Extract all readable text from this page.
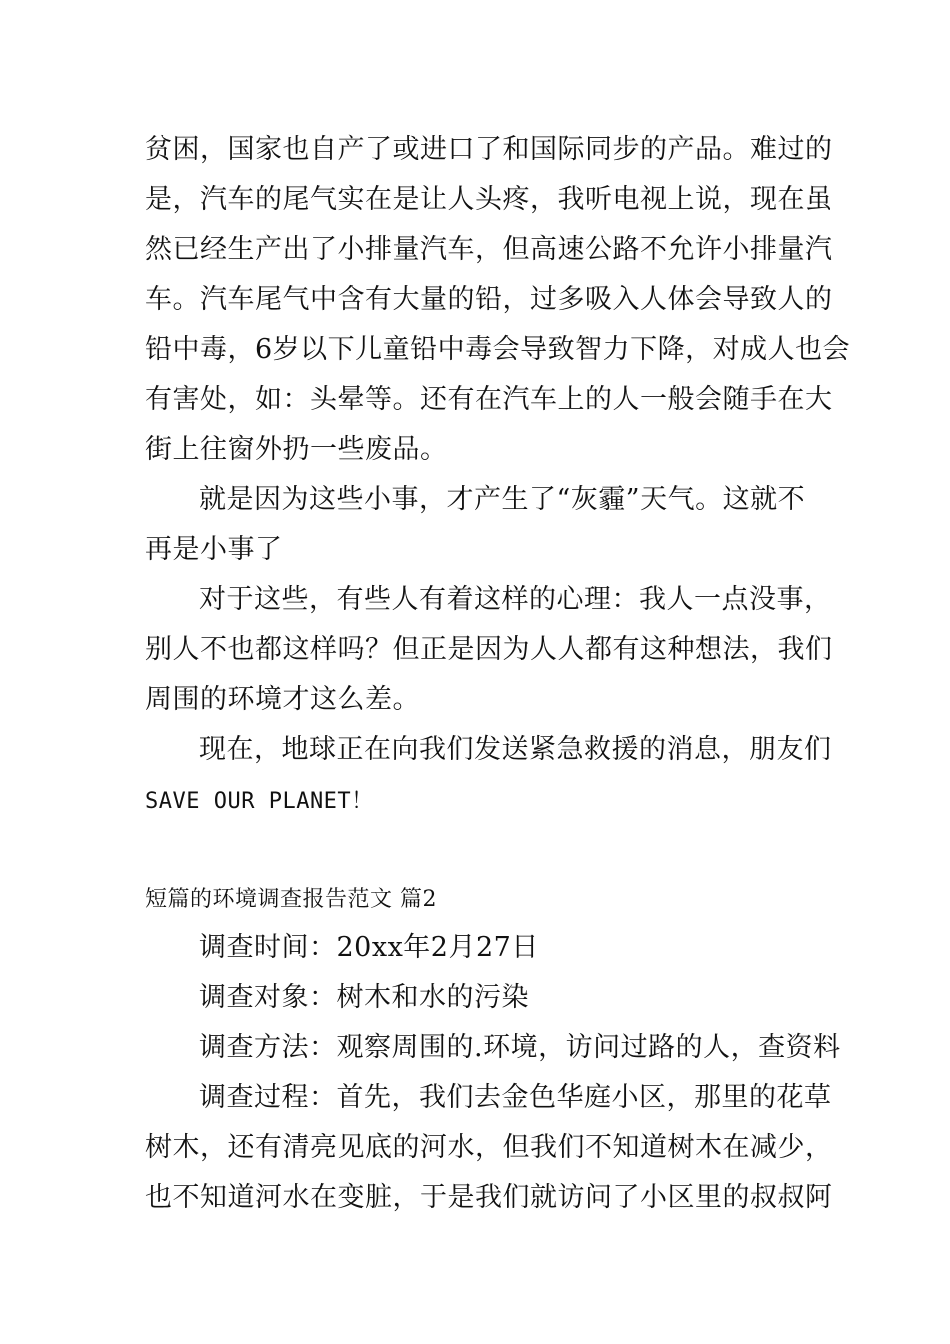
贫困，国家也自产了或进口了和国际同步的产品。难过的
是，汽车的尾气实在是让人头疼，我听电视上说，现在虽
然已经生产出了小排量汽车，但高速公路不允许小排量汽
车。汽车尾气中含有大量的铅，过多吸入人体会导致人的
铅中毒，6岁以下儿童铅中毒会导致智力下降，对成人也会
有害处，如：头晕等。还有在汽车上的人一般会随手在大
街上往窗外扔一些废品。
就是因为这些小事，才产生了“灰霾”天气。这就不
再是小事了
对于这些，有些人有着这样的心理：我人一点没事，
别人不也都这样吗？但正是因为人人都有这种想法，我们
周围的环境才这么差。
现在，地球正在向我们发送紧急救援的消息，朋友们
SAVE OUR PLANET！
短篇的环境调查报告范文 篇2
调查时间：20xx年2月27日
调查对象：树木和水的污染
调查方法：观察周围的.环境，访问过路的人，查资料
调查过程：首先，我们去金色华庭小区，那里的花草
树木，还有清亮见底的河水，但我们不知道树木在减少，
也不知道河水在变脏，于是我们就访问了小区里的叔叔阿
